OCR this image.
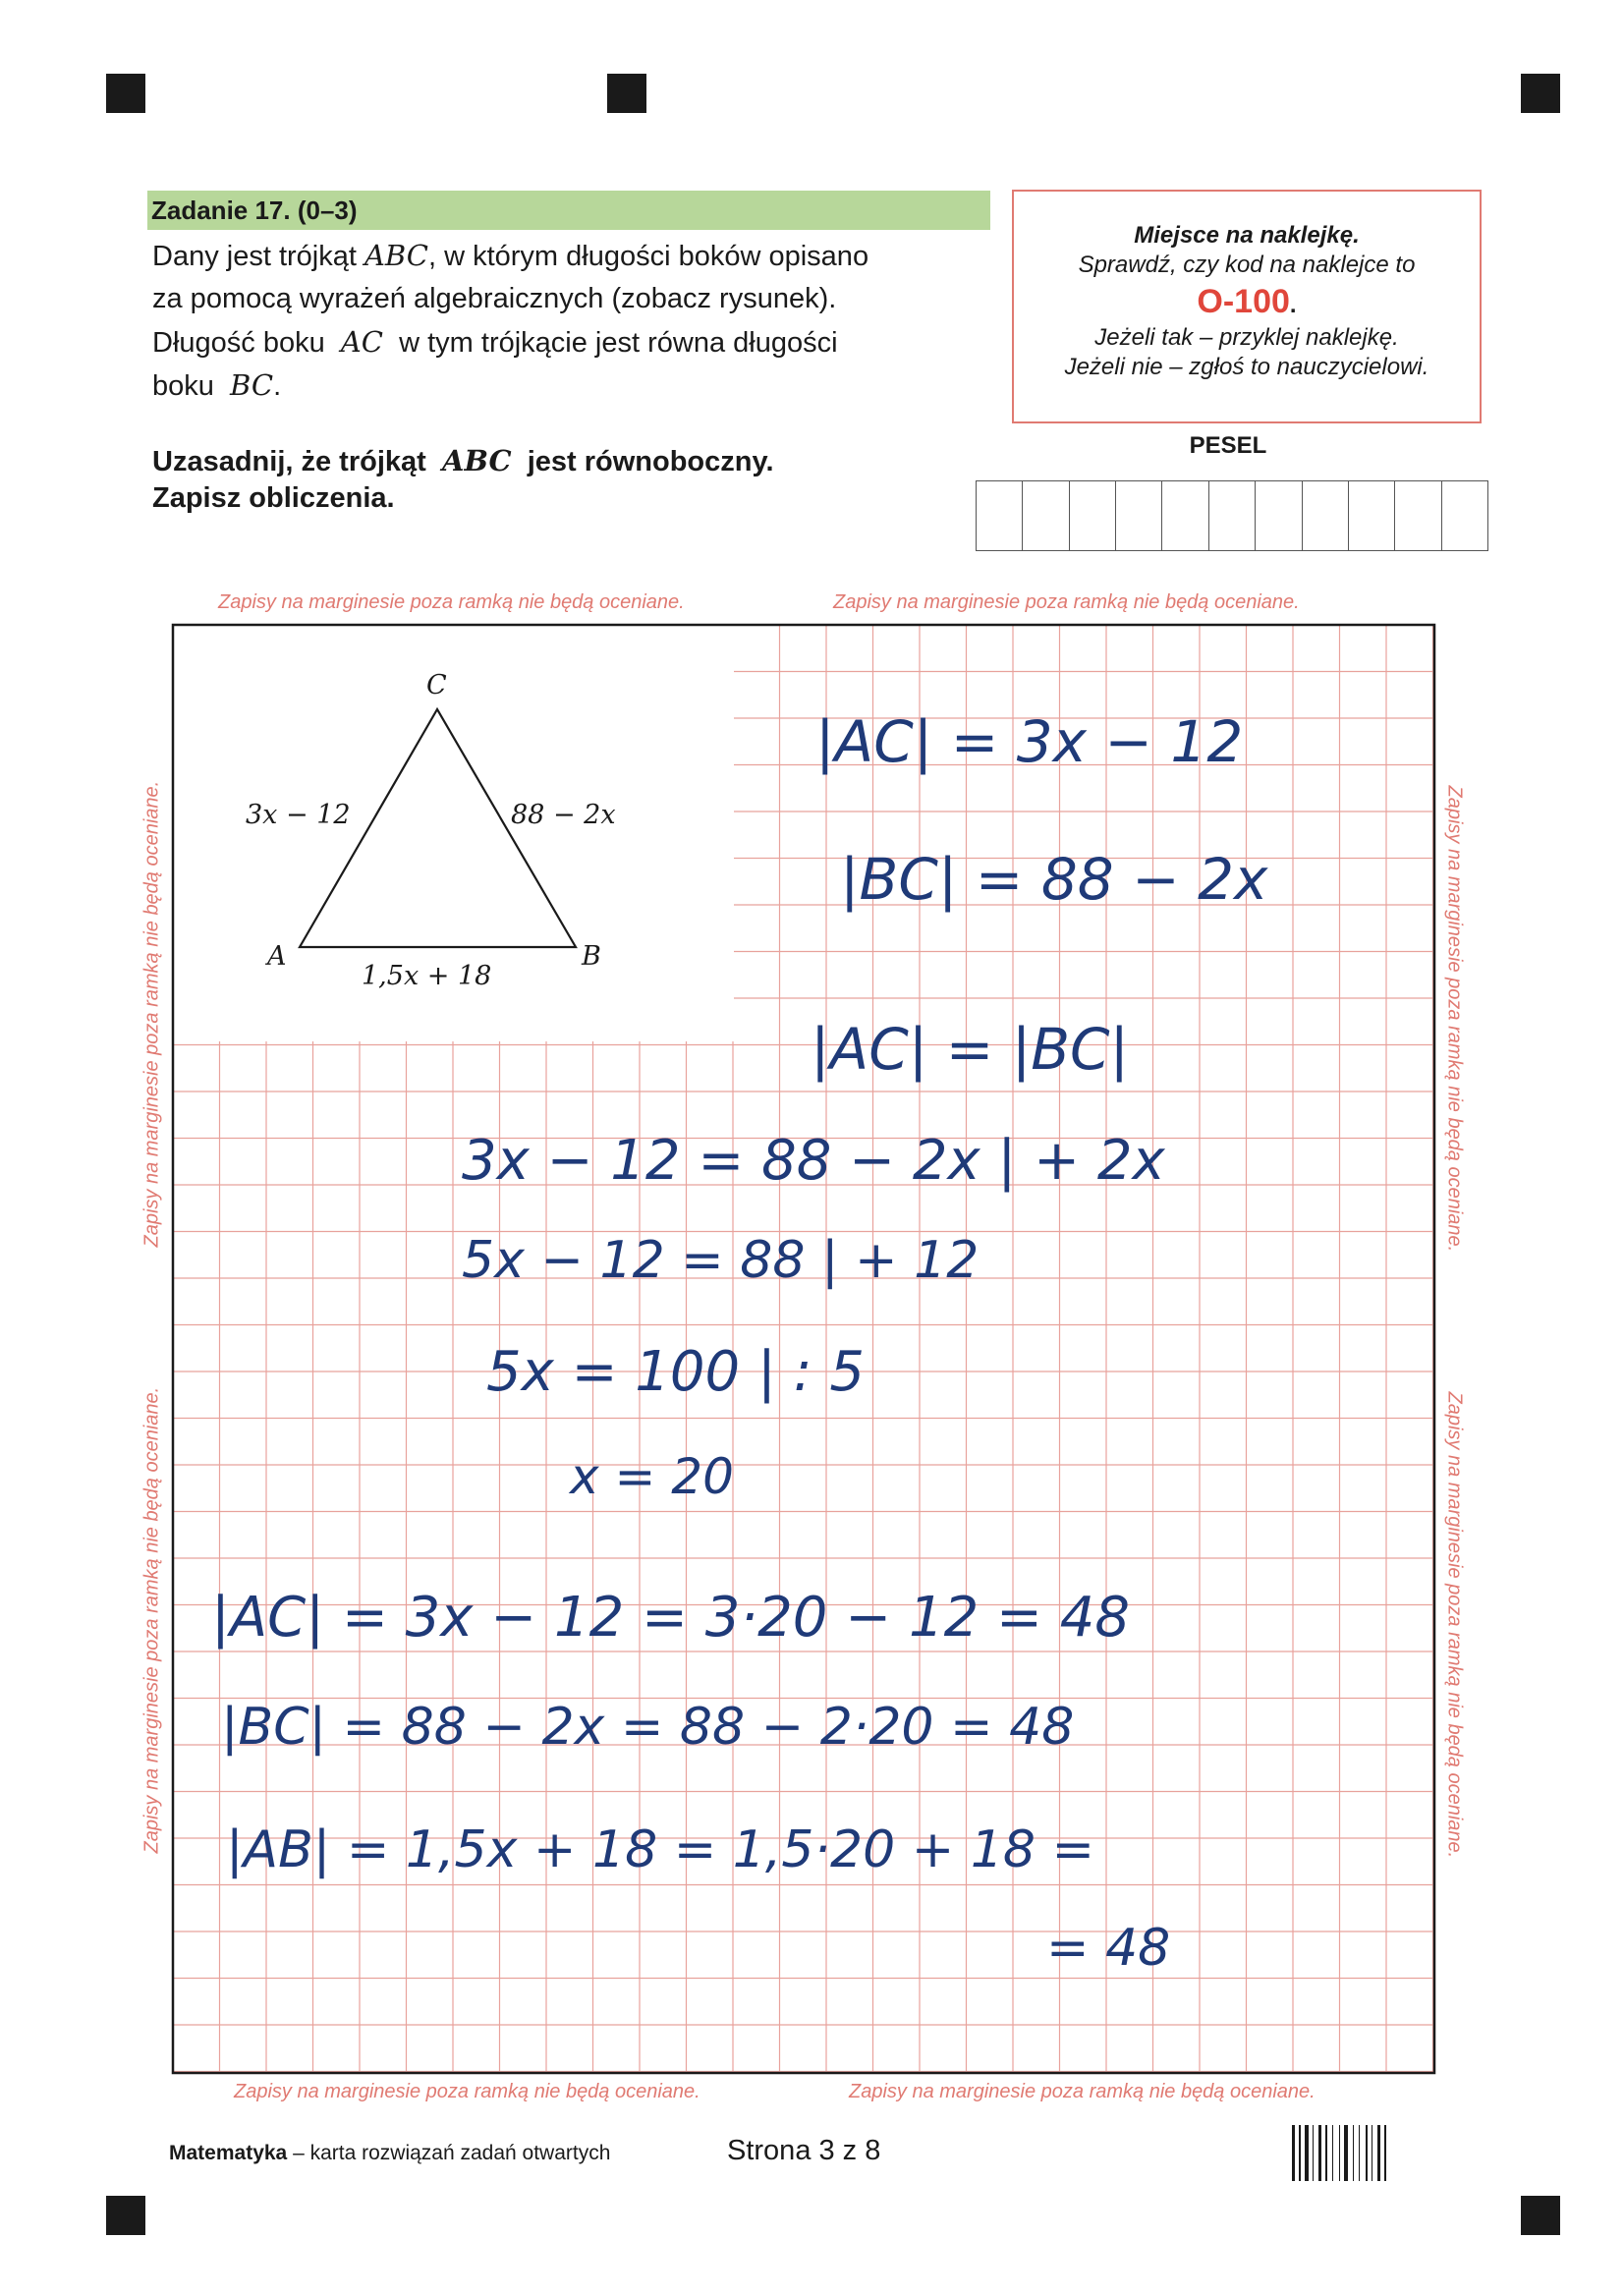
Zadanie 17. (0–3)
Dany jest trójkąt ABC, w którym długości boków opisano
za pomocą wyrażeń algebraicznych (zobacz rysunek).
Długość boku AC w tym trójkącie jest równa długości
boku BC.
Uzasadnij, że trójkąt ABC jest równoboczny.
Zapisz obliczenia.
Miejsce na naklejkę.
Sprawdź, czy kod na naklejce to
O-100.
Jeżeli tak – przyklej naklejkę.
Jeżeli nie – zgłoś to nauczycielowi.
PESEL
Zapisy na marginesie poza ramką nie będą oceniane.	Zapisy na marginesie poza ramką nie będą oceniane.
Zapisy na marginesie poza ramką nie będą oceniane.	Zapisy na marginesie poza ramką nie będą oceniane.
Zapisy na marginesie poza ramką nie będą oceniane.
Zapisy na marginesie poza ramką nie będą oceniane.
Zapisy na marginesie poza ramką nie będą oceniane.
Zapisy na marginesie poza ramką nie będą oceniane.
C
A	B
3x − 12	88 − 2x
1,5x + 18
|AC| = 3x − 12
|BC| = 88 − 2x
|AC| = |BC|
3x − 12 = 88 − 2x | + 2x
5x − 12 = 88 | + 12
5x = 100 | : 5
x = 20
|AC| = 3x − 12 = 3·20 − 12 = 48
|BC| = 88 − 2x = 88 − 2·20 = 48
|AB| = 1,5x + 18 = 1,5·20 + 18 =
= 48
Matematyka – karta rozwiązań zadań otwartych	Strona 3 z 8
